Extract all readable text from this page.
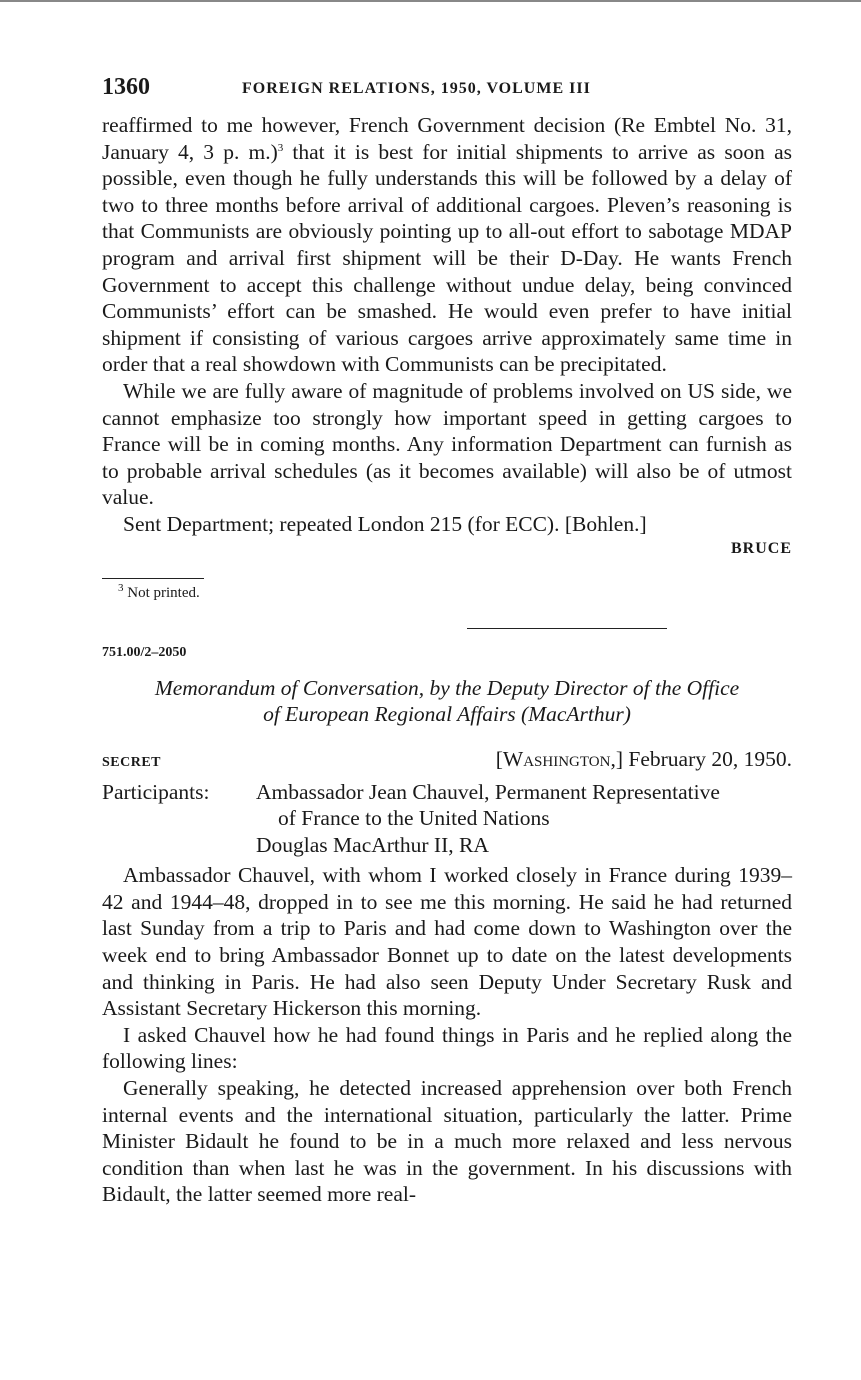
1360	FOREIGN RELATIONS, 1950, VOLUME III

reaffirmed to me however, French Government decision (Re Embtel No. 31, January 4, 3 p. m.)$^3$ that it is best for initial shipments to arrive as soon as possible, even though he fully understands this will be followed by a delay of two to three months before arrival of additional cargoes. Pleven’s reasoning is that Communists are obviously pointing up to all-out effort to sabotage MDAP program and arrival first shipment will be their D-Day. He wants French Government to accept this challenge without undue delay, being convinced Communists’ effort can be smashed. He would even prefer to have initial shipment if consisting of various cargoes arrive approximately same time in order that a real showdown with Communists can be precipitated.

While we are fully aware of magnitude of problems involved on US side, we cannot emphasize too strongly how important speed in getting cargoes to France will be in coming months. Any information Department can furnish as to probable arrival schedules (as it becomes available) will also be of utmost value.

Sent Department; repeated London 215 (for ECC). [Bohlen.]

BRUCE
$^3$ Not printed.
751.00/2–2050
Memorandum of Conversation, by the Deputy Director of the Office
of European Regional Affairs (MacArthur)
SECRET	[Washington,] February 20, 1950.
Participants: Ambassador Jean Chauvel, Permanent Representative
of France to the United Nations
Douglas MacArthur II, RA

Ambassador Chauvel, with whom I worked closely in France during 1939–42 and 1944–48, dropped in to see me this morning. He said he had returned last Sunday from a trip to Paris and had come down to Washington over the week end to bring Ambassador Bonnet up to date on the latest developments and thinking in Paris. He had also seen Deputy Under Secretary Rusk and Assistant Secretary Hickerson this morning.

I asked Chauvel how he had found things in Paris and he replied along the following lines:

Generally speaking, he detected increased apprehension over both French internal events and the international situation, particularly the latter. Prime Minister Bidault he found to be in a much more relaxed and less nervous condition than when last he was in the government. In his discussions with Bidault, the latter seemed more real-
